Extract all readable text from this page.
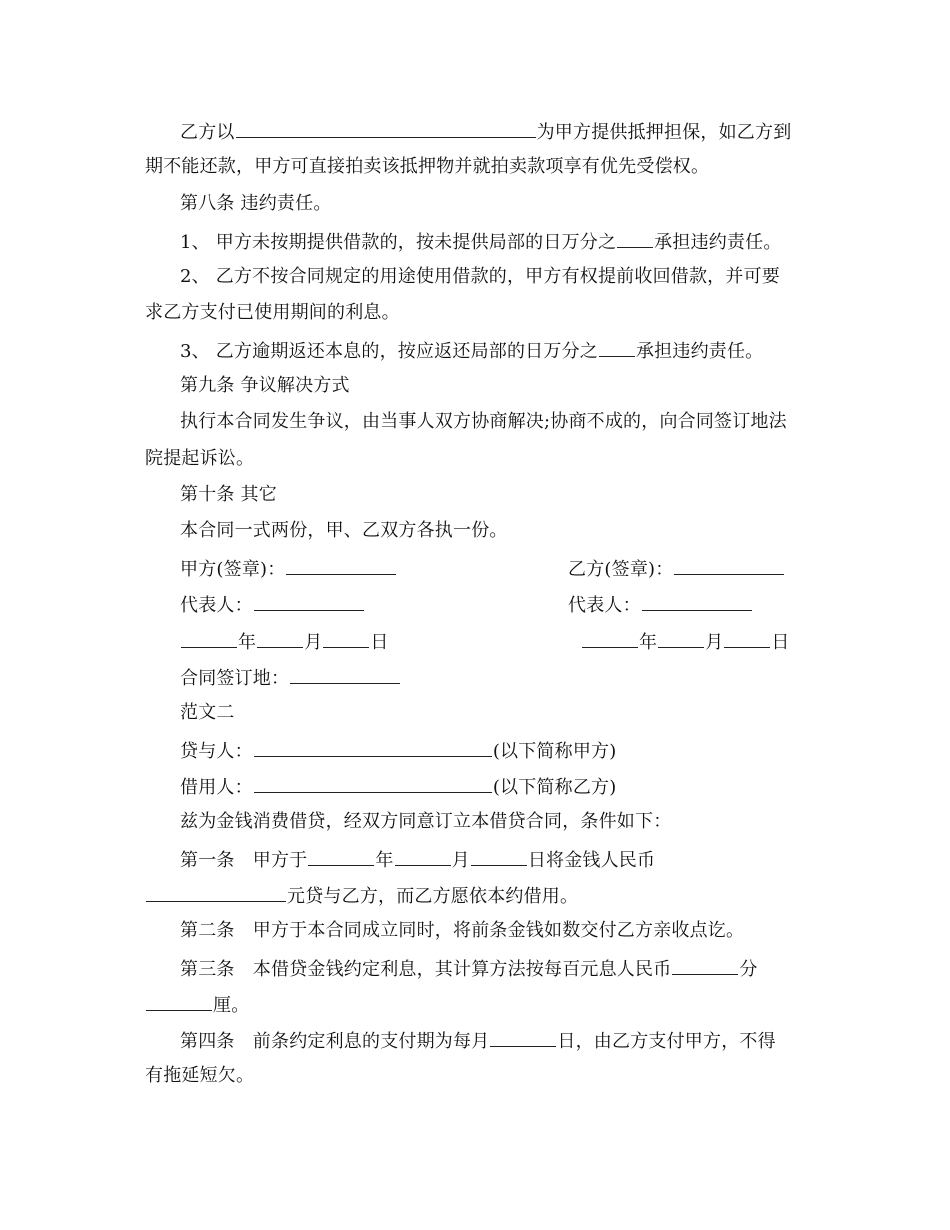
乙方以	为甲方提供抵押担保，如乙方到
期不能还款，甲方可直接拍卖该抵押物并就拍卖款项享有优先受偿权。
第八条 违约责任。
1、 甲方未按期提供借款的，按未提供局部的日万分之 承担违约责任。
2、 乙方不按合同规定的用途使用借款的，甲方有权提前收回借款，并可要
求乙方支付已使用期间的利息。
3、 乙方逾期返还本息的，按应返还局部的日万分之 承担违约责任。
第九条 争议解决方式
执行本合同发生争议，由当事人双方协商解决;协商不成的，向合同签订地法
院提起诉讼。
第十条 其它
本合同一式两份，甲、乙双方各执一份。
甲方(签章)：	乙方(签章)：
代表人：	代表人：
年	月	日	年	月	日
合同签订地：
范文二
贷与人：	(以下简称甲方)
借用人：	(以下简称乙方)
兹为金钱消费借贷，经双方同意订立本借贷合同，条件如下：
第一条　甲方于	年	月	日将金钱人民币
元贷与乙方，而乙方愿依本约借用。
第二条　甲方于本合同成立同时，将前条金钱如数交付乙方亲收点讫。
第三条　本借贷金钱约定利息，其计算方法按每百元息人民币	分
厘。
第四条　前条约定利息的支付期为每月	日，由乙方支付甲方，不得
有拖延短欠。
